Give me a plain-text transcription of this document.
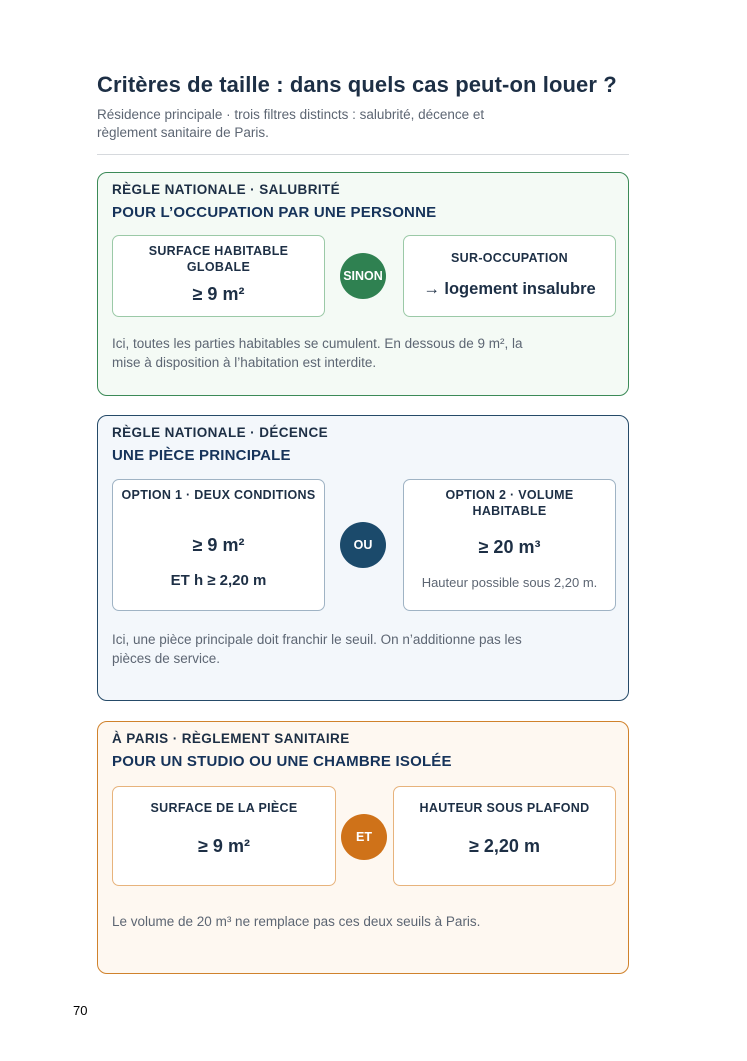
Critères de taille : dans quels cas peut-on louer ?

Résidence principale · trois filtres distincts : salubrité, décence et règlement sanitaire de Paris.

RÈGLE NATIONALE · SALUBRITÉ

POUR L’OCCUPATION PAR UNE PERSONNE

SURFACE HABITABLE GLOBALE

≥ 9 m²

SINON

SUR-OCCUPATION

→ logement insalubre

Ici, toutes les parties habitables se cumulent. En dessous de 9 m², la mise à disposition à l’habitation est interdite.

RÈGLE NATIONALE · DÉCENCE

UNE PIÈCE PRINCIPALE

OPTION 1 · DEUX CONDITIONS

≥ 9 m²

ET h ≥ 2,20 m

OU

OPTION 2 · VOLUME HABITABLE

≥ 20 m³

Hauteur possible sous 2,20 m.

Ici, une pièce principale doit franchir le seuil. On n’additionne pas les pièces de service.

À PARIS · RÈGLEMENT SANITAIRE

POUR UN STUDIO OU UNE CHAMBRE ISOLÉE

SURFACE DE LA PIÈCE

≥ 9 m²	ET

HAUTEUR SOUS PLAFOND

≥ 2,20 m

Le volume de 20 m³ ne remplace pas ces deux seuils à Paris.

70
